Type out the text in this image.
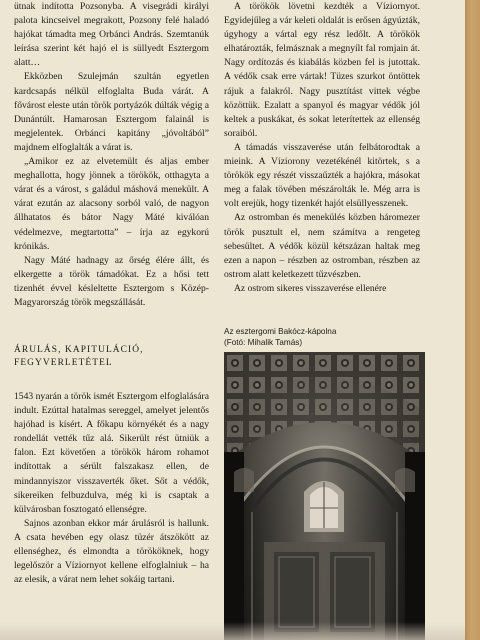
ütnak indította Pozsonyba. A visegrádi királyi palota kincseivel megrakott, Pozsony felé haladó hajókat támadta meg Orbánci András. Szemtanúk leírása szerint két hajó el is süllyedt Esztergom alatt…

Ekközben Szulejmán szultán egyetlen kardcsapás nélkül elfoglalta Buda várát. A fővárost eleste után török portyázók dúlták végig a Dunántúlt. Hamarosan Esztergom falainál is megjelentek. Orbánci kapitány „jóvoltából” majdnem elfoglalták a várat is.

„Amikor ez az elvetemült és aljas ember meghallotta, hogy jönnek a törökök, otthagyta a várat és a várost, s galádul máshová menekült. A várat ezután az alacsony sorból való, de nagyon állhatatos és bátor Nagy Máté kiválóan védelmezve, megtartotta” – írja az egykorú krónikás.

Nagy Máté hadnagy az őrség élére állt, és elkergette a török támadókat. Ez a hősi tett tizenhét évvel késleltette Esztergom s Közép-Magyarország török megszállását.

A törökök lövetni kezdték a Víziornyot. Egyidejűleg a vár keleti oldalát is erősen ágyúzták, úgyhogy a vártal egy rész ledőlt. A törökök elhatározták, felmásznak a megnyílt fal romjain át. Nagy ordítozás és kiabálás közben fel is jutottak. A védők csak erre vártak! Tüzes szurkot öntöttek rájuk a falakról. Nagy pusztítást vittek végbe közöttük. Ezalatt a spanyol és magyar védők jól keltek a puskákat, és sokat leterítettek az ellenség soraiból.

A támadás visszaverése után felbátorodtak a mieink. A Víziorony vezetékénél kitörtek, s a törökök egy részét visszaűzték a hajókra, másokat meg a falak tövében mészárolták le. Még arra is volt erejük, hogy tizenkét hajót elsüllyesszenek.

Az ostromban és menekülés közben háromezer török pusztult el, nem számítva a rengeteg sebesültet. A védők közül kétszázan haltak meg ezen a napon – részben az ostromban, részben az ostrom alatt keletkezett tűzvészben.

Az ostrom sikeres visszaverése ellenére

ÁRULÁS, KAPITULÁCIÓ,
FEGYVERLETÉTEL

1543 nyarán a török ismét Esztergom elfoglalására indult. Ezúttal hatalmas sereggel, amelyet jelentős hajóhad is kísért. A főkapu környékét és a nagy rondellát vették tűz alá. Sikerült rést ütniük a falon. Ezt követően a törökök három rohamot indítottak a sérült falszakasz ellen, de mindannyiszor visszaverték őket. Sőt a védők, sikereiken felbuzdulva, még ki is csaptak a külvárosban fosztogató ellenségre.

Sajnos azonban ekkor már árulásról is hallunk. A csata hevében egy olasz tüzér átszökött az ellenséghez, és elmondta a törököknek, hogy legelőször a Víziornyot kellene elfoglalniuk – ha az elesik, a várat nem lehet sokáig tartani.

Az esztergomi Bakócz-kápolna
(Fotó: Mihalik Tamás)
